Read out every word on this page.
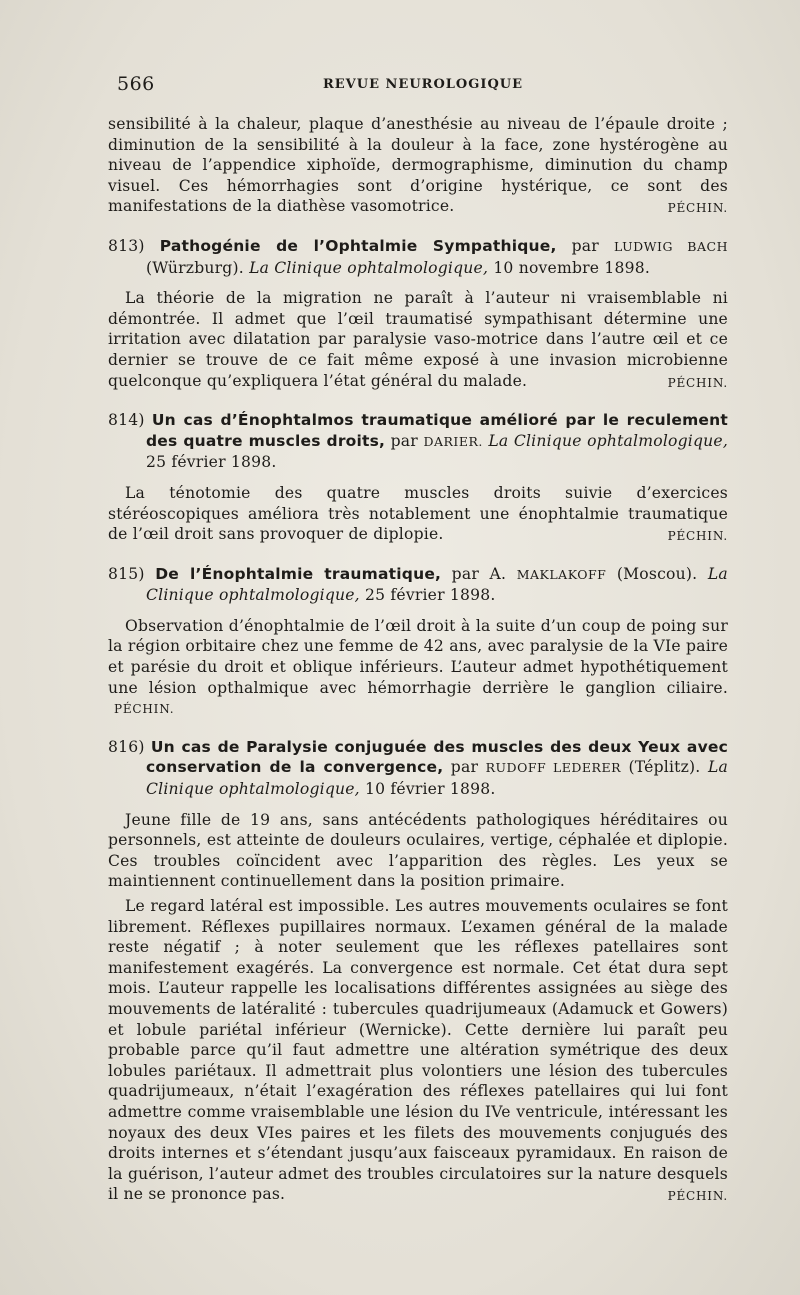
566	REVUE NEUROLOGIQUE

sensibilité à la chaleur, plaque d’anesthésie au niveau de l’épaule droite ; diminution de la sensibilité à la douleur à la face, zone hystérogène au niveau de l’appendice xiphoïde, dermographisme, diminution du champ visuel. Ces hémorrhagies sont d’origine hystérique, ce sont des manifestations de la diathèse vasomotrice.	PÉCHIN.

813) Pathogénie de l’Ophtalmie Sympathique, par LUDWIG BACH (Würzburg). La Clinique ophtalmologique, 10 novembre 1898.

La théorie de la migration ne paraît à l’auteur ni vraisemblable ni démontrée. Il admet que l’œil traumatisé sympathisant détermine une irritation avec dilatation par paralysie vaso-motrice dans l’autre œil et ce dernier se trouve de ce fait même exposé à une invasion microbienne quelconque qu’expliquera l’état général du malade.	PÉCHIN.

814) Un cas d’Énophtalmos traumatique amélioré par le reculement des quatre muscles droits, par DARIER. La Clinique ophtalmologique, 25 février 1898.

La ténotomie des quatre muscles droits suivie d’exercices stéréoscopiques améliora très notablement une énophtalmie traumatique de l’œil droit sans provoquer de diplopie.	PÉCHIN.

815) De l’Énophtalmie traumatique, par A. MAKLAKOFF (Moscou). La Clinique ophtalmologique, 25 février 1898.

Observation d’énophtalmie de l’œil droit à la suite d’un coup de poing sur la région orbitaire chez une femme de 42 ans, avec paralysie de la VIe paire et parésie du droit et oblique inférieurs. L’auteur admet hypothétiquement une lésion opthalmique avec hémorrhagie derrière le ganglion ciliaire. PÉCHIN.

816) Un cas de Paralysie conjuguée des muscles des deux Yeux avec conservation de la convergence, par RUDOFF LEDERER (Téplitz). La Clinique ophtalmologique, 10 février 1898.

Jeune fille de 19 ans, sans antécédents pathologiques héréditaires ou personnels, est atteinte de douleurs oculaires, vertige, céphalée et diplopie. Ces troubles coïncident avec l’apparition des règles. Les yeux se maintiennent continuellement dans la position primaire.

Le regard latéral est impossible. Les autres mouvements oculaires se font librement. Réflexes pupillaires normaux. L’examen général de la malade reste négatif ; à noter seulement que les réflexes patellaires sont manifestement exagérés. La convergence est normale. Cet état dura sept mois. L’auteur rappelle les localisations différentes assignées au siège des mouvements de latéralité : tubercules quadrijumeaux (Adamuck et Gowers) et lobule pariétal inférieur (Wernicke). Cette dernière lui paraît peu probable parce qu’il faut admettre une altération symétrique des deux lobules pariétaux. Il admettrait plus volontiers une lésion des tubercules quadrijumeaux, n’était l’exagération des réflexes patellaires qui lui font admettre comme vraisemblable une lésion du IVe ventricule, intéressant les noyaux des deux VIes paires et les filets des mouvements conjugués des droits internes et s’étendant jusqu’aux faisceaux pyramidaux. En raison de la guérison, l’auteur admet des troubles circulatoires sur la nature desquels il ne se prononce pas.	PÉCHIN.
